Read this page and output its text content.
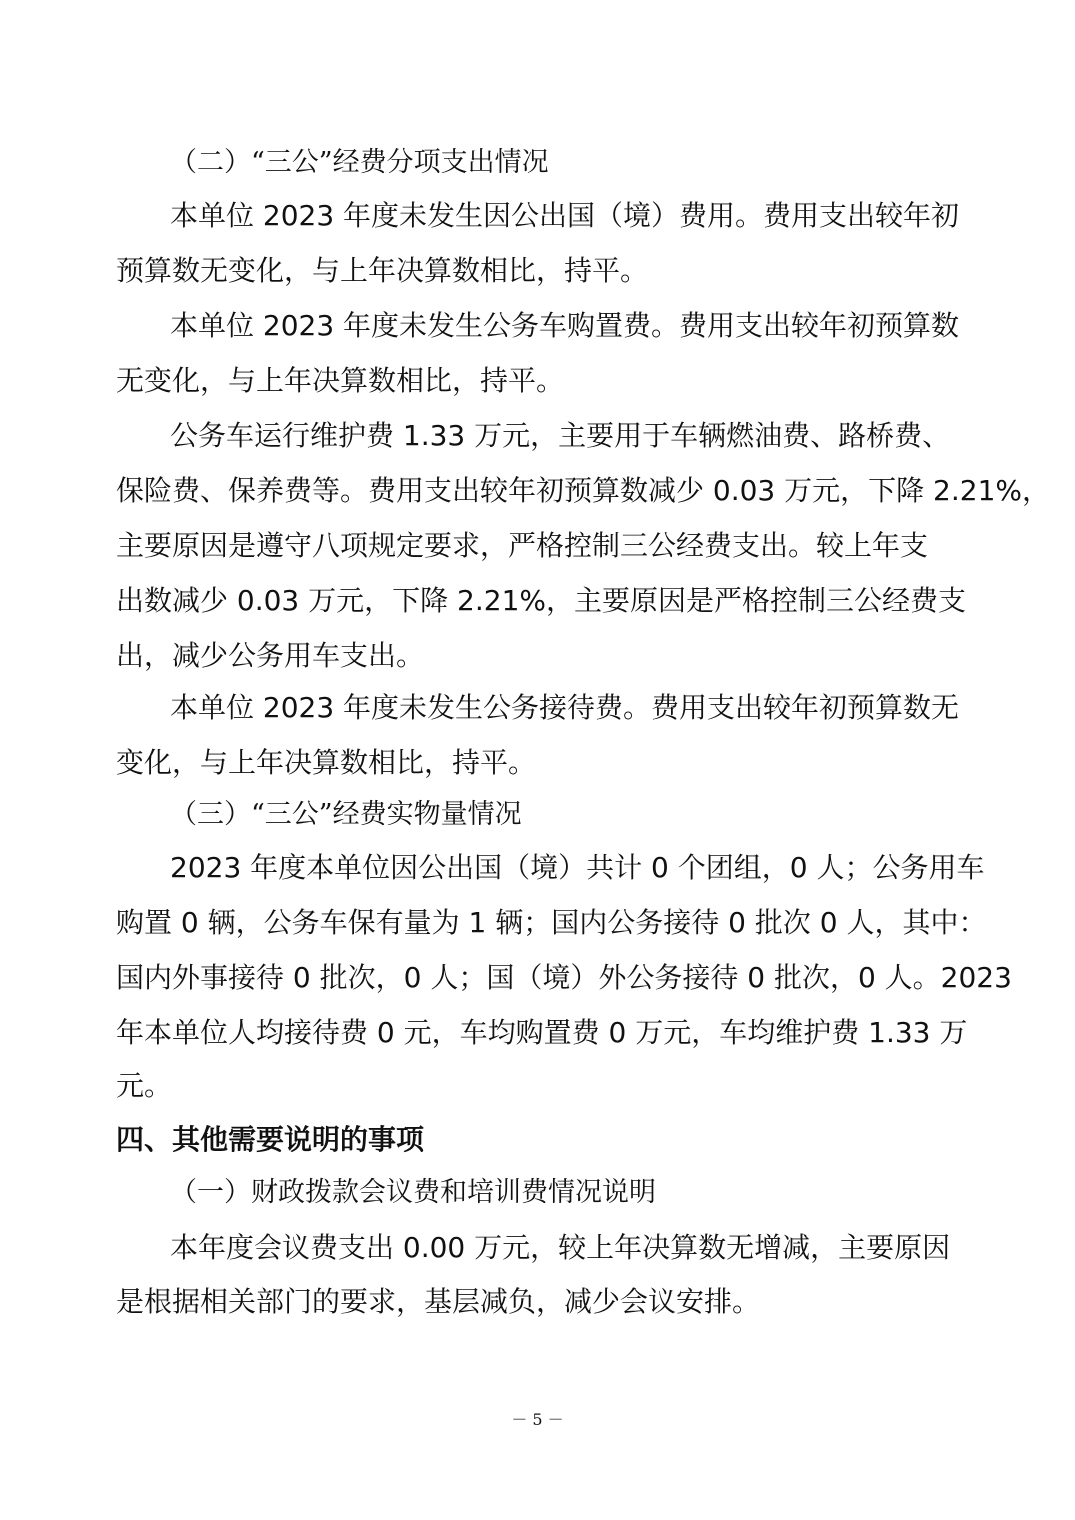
（二）“三公”经费分项支出情况
本单位 2023 年度未发生因公出国（境）费用。费用支出较年初
预算数无变化，与上年决算数相比，持平。
本单位 2023 年度未发生公务车购置费。费用支出较年初预算数
无变化，与上年决算数相比，持平。
公务车运行维护费 1.33 万元，主要用于车辆燃油费、路桥费、
保险费、保养费等。费用支出较年初预算数减少 0.03 万元，下降 2.21%，
主要原因是遵守八项规定要求，严格控制三公经费支出。较上年支
出数减少 0.03 万元，下降 2.21%，主要原因是严格控制三公经费支
出，减少公务用车支出。
本单位 2023 年度未发生公务接待费。费用支出较年初预算数无
变化，与上年决算数相比，持平。
（三）“三公”经费实物量情况
2023 年度本单位因公出国（境）共计 0 个团组，0 人；公务用车
购置 0 辆，公务车保有量为 1 辆；国内公务接待 0 批次 0 人，其中：
国内外事接待 0 批次，0 人；国（境）外公务接待 0 批次，0 人。2023
年本单位人均接待费 0 元，车均购置费 0 万元，车均维护费 1.33 万
元。
四、其他需要说明的事项
（一）财政拨款会议费和培训费情况说明
本年度会议费支出 0.00 万元，较上年决算数无增减，主要原因
是根据相关部门的要求，基层减负，减少会议安排。
－ 5 －
